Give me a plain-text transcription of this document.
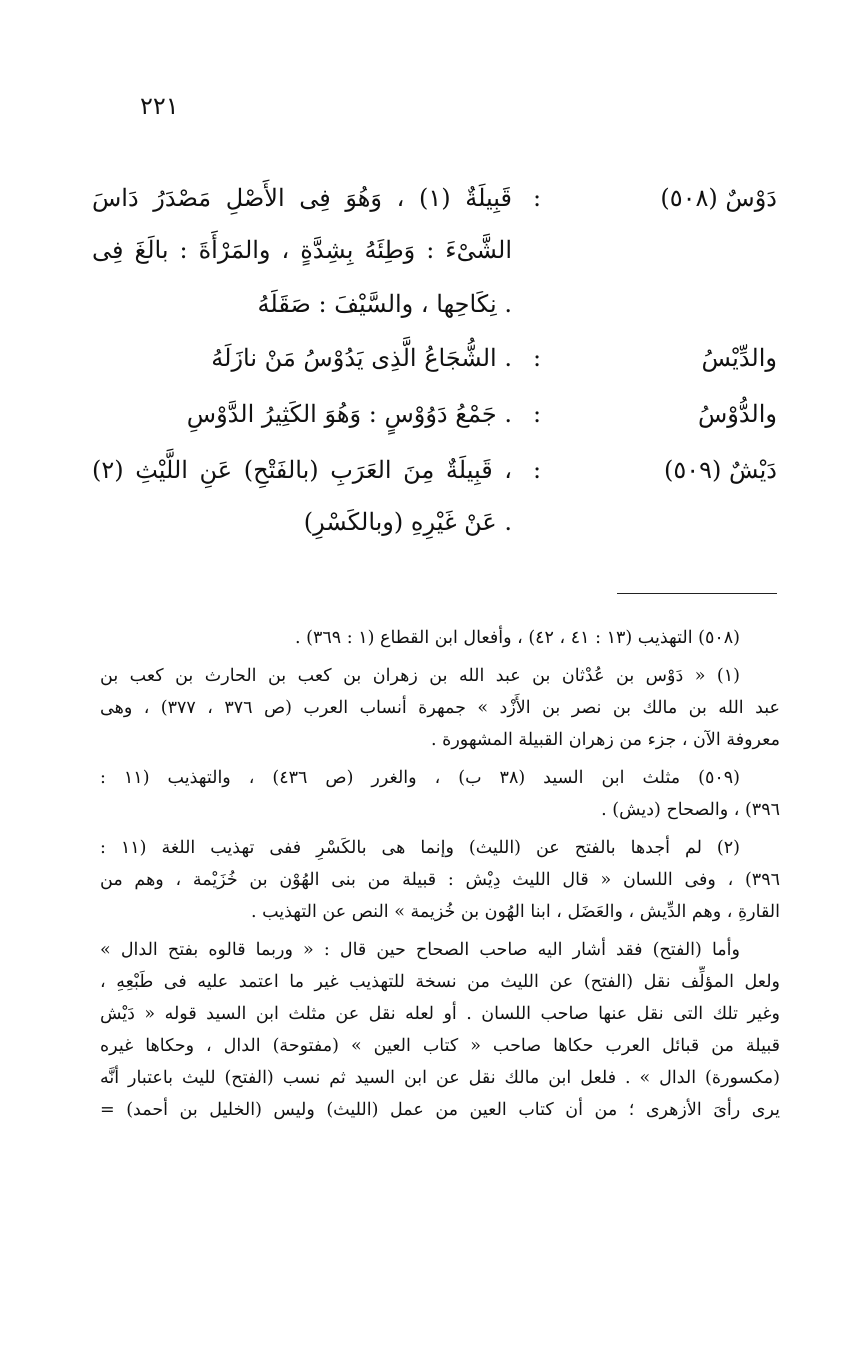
٢٢١
(٥٠٨) دَوْسٌ
:
قَبِيلَةٌ (١) ، وَهُوَ فِى الأَصْلِ مَصْدَرُ دَاسَ
الشَّىْءَ : وَطِئَهُ بِشِدَّةٍ ، والمَرْأَةَ : بالَغَ فِى
نِكَاحِها ، والسَّيْفَ : صَقَلَهُ .
والدِّيْسُ
:
الشُّجَاعُ الَّذِى يَدُوْسُ مَنْ نازَلَهُ .
والدُّوْسُ
:
جَمْعُ دَوُوْسٍ : وَهُوَ الكَثِيرُ الدَّوْسِ .
(٥٠٩) دَيْشٌ
:
قَبِيلَةٌ مِنَ العَرَبِ (بالفَتْحِ) عَنِ اللَّيْثِ (٢) ،
(وبالكَسْرِ) عَنْ غَيْرِهِ .
(٥٠٨) التهذيب (١٣ : ٤١ ، ٤٢) ، وأفعال ابن القطاع (١ : ٣٦٩) .
(١) « دَوْس بن عُدْثان بن عبد الله بن زهران بن كعب بن الحارث بن كعب بن
عبد الله بن مالك بن نصر بن الأَزْد » جمهرة أنساب العرب (ص ٣٧٦ ، ٣٧٧) ، وهى
معروفة الآن ، جزء من زهران القبيلة المشهورة .
(٥٠٩) مثلث ابن السيد (٣٨ ب) ، والغرر (ص ٤٣٦) ، والتهذيب (١١ :
٣٩٦) ، والصحاح (ديش) .
(٢) لم أجدها بالفتح عن (الليث) وإنما هى بالكَسْرِ ففى تهذيب اللغة (١١ :
٣٩٦) ، وفى اللسان « قال الليث دِيْش : قبيلة من بنى الهُوْن بن خُزَيْمة ، وهم من
القارةِ ، وهم الدِّيش ، والعَضَل ، ابنا الهُون بن خُزيمة » النص عن التهذيب .
وأما (الفتح) فقد أشار اليه صاحب الصحاح حين قال : « وربما قالوه بفتح الدال »
ولعل المؤلِّف نقل (الفتح) عن الليث من نسخة للتهذيب غير ما اعتمد عليه فى طَبْعِهِ ،
وغير تلك التى نقل عنها صاحب اللسان . أو لعله نقل عن مثلث ابن السيد قوله « دَيْش
قبيلة من قبائل العرب حكاها صاحب « كتاب العين » (مفتوحة) الدال ، وحكاها غيره
(مكسورة) الدال » . فلعل ابن مالك نقل عن ابن السيد ثم نسب (الفتح) لليث باعتبار أنَّه
يرى رأىَ الأزهرى ؛ من أن كتاب العين من عمل (الليث) وليس (الخليل بن أحمد) =
